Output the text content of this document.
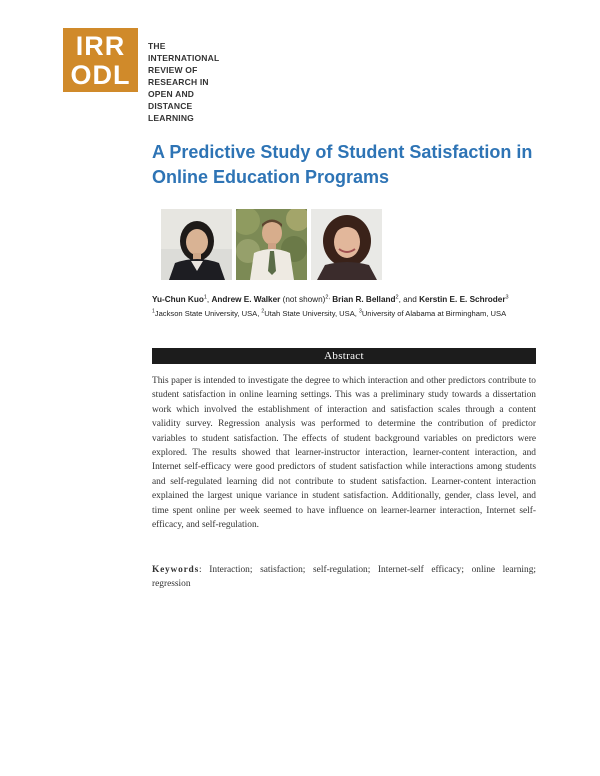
IRR
ODL
THE INTERNATIONAL
REVIEW OF RESEARCH IN
OPEN AND DISTANCE LEARNING
A Predictive Study of Student Satisfaction in
Online Education Programs
Yu-Chun Kuo$^1$, Andrew E. Walker (not shown)$^{2,}$ Brian R. Belland$^2$, and Kerstin E. E. Schroder$^3$
$^1$Jackson State University, USA, $^2$Utah State University, USA, $^3$University of Alabama at Birmingham, USA
Abstract

This paper is intended to investigate the degree to which interaction and other predictors contribute to student satisfaction in online learning settings. This was a preliminary study towards a dissertation work which involved the establishment of interaction and satisfaction scales through a content validity survey. Regression analysis was performed to determine the contribution of predictor variables to student satisfaction. The effects of student background variables on predictors were explored. The results showed that learner-instructor interaction, learner-content interaction, and Internet self-efficacy were good predictors of student satisfaction while interactions among students and self-regulated learning did not contribute to student satisfaction. Learner-content interaction explained the largest unique variance in student satisfaction. Additionally, gender, class level, and time spent online per week seemed to have influence on learner-learner interaction, Internet self-efficacy, and self-regulation.

Keywords: Interaction; satisfaction; self-regulation; Internet-self efficacy; online learning; regression
